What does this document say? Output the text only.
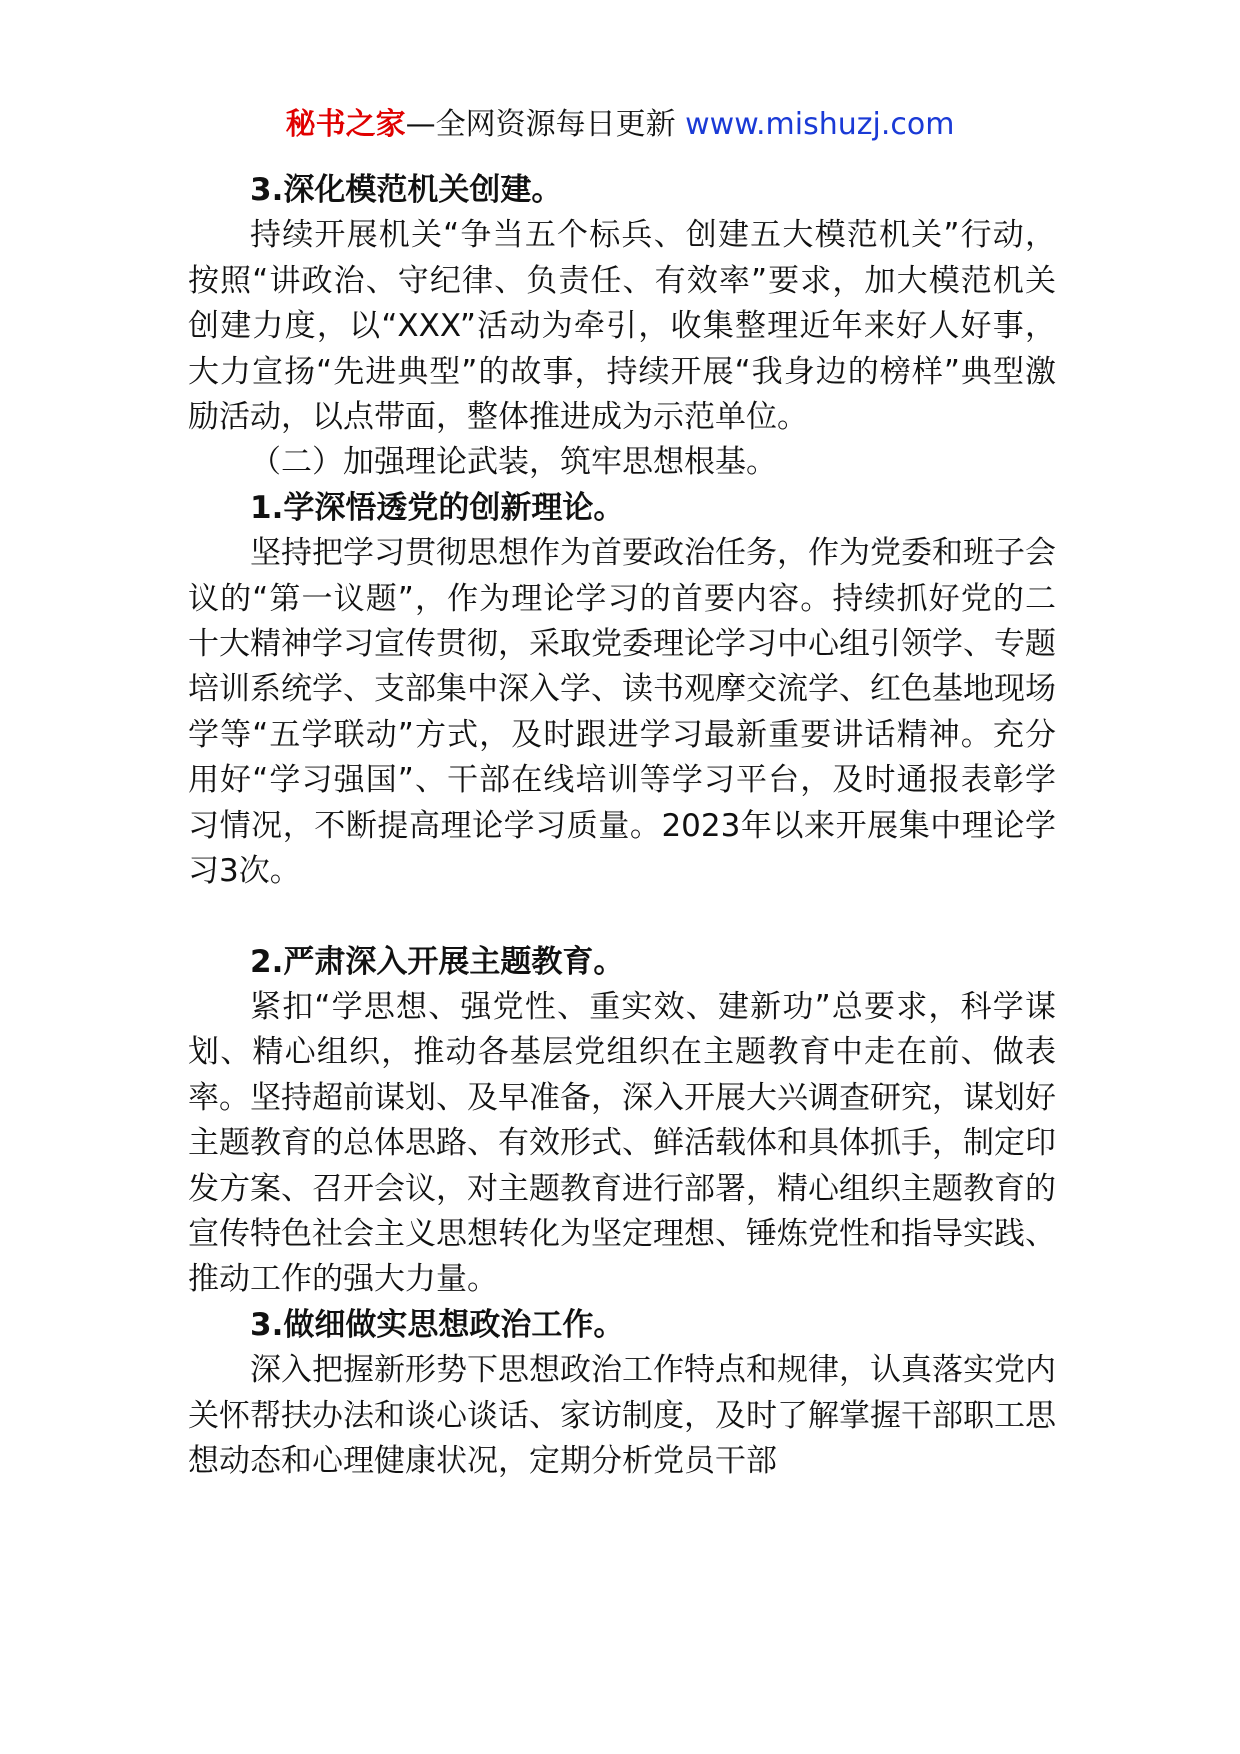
秘书之家—全网资源每日更新 www.mishuzj.com

3.深化模范机关创建。

持续开展机关“争当五个标兵、创建五大模范机关”行动，按照“讲政治、守纪律、负责任、有效率”要求，加大模范机关创建力度，以“XXX”活动为牵引，收集整理近年来好人好事，大力宣扬“先进典型”的故事，持续开展“我身边的榜样”典型激励活动，以点带面，整体推进成为示范单位。

（二）加强理论武装，筑牢思想根基。

1.学深悟透党的创新理论。

坚持把学习贯彻思想作为首要政治任务，作为党委和班子会议的“第一议题”，作为理论学习的首要内容。持续抓好党的二十大精神学习宣传贯彻，采取党委理论学习中心组引领学、专题培训系统学、支部集中深入学、读书观摩交流学、红色基地现场学等“五学联动”方式，及时跟进学习最新重要讲话精神。充分用好“学习强国”、干部在线培训等学习平台，及时通报表彰学习情况，不断提高理论学习质量。2023年以来开展集中理论学习3次。

2.严肃深入开展主题教育。

紧扣“学思想、强党性、重实效、建新功”总要求，科学谋划、精心组织，推动各基层党组织在主题教育中走在前、做表率。坚持超前谋划、及早准备，深入开展大兴调查研究，谋划好主题教育的总体思路、有效形式、鲜活载体和具体抓手，制定印发方案、召开会议，对主题教育进行部署，精心组织主题教育的宣传特色社会主义思想转化为坚定理想、锤炼党性和指导实践、推动工作的强大力量。

3.做细做实思想政治工作。

深入把握新形势下思想政治工作特点和规律，认真落实党内关怀帮扶办法和谈心谈话、家访制度，及时了解掌握干部职工思想动态和心理健康状况，定期分析党员干部
